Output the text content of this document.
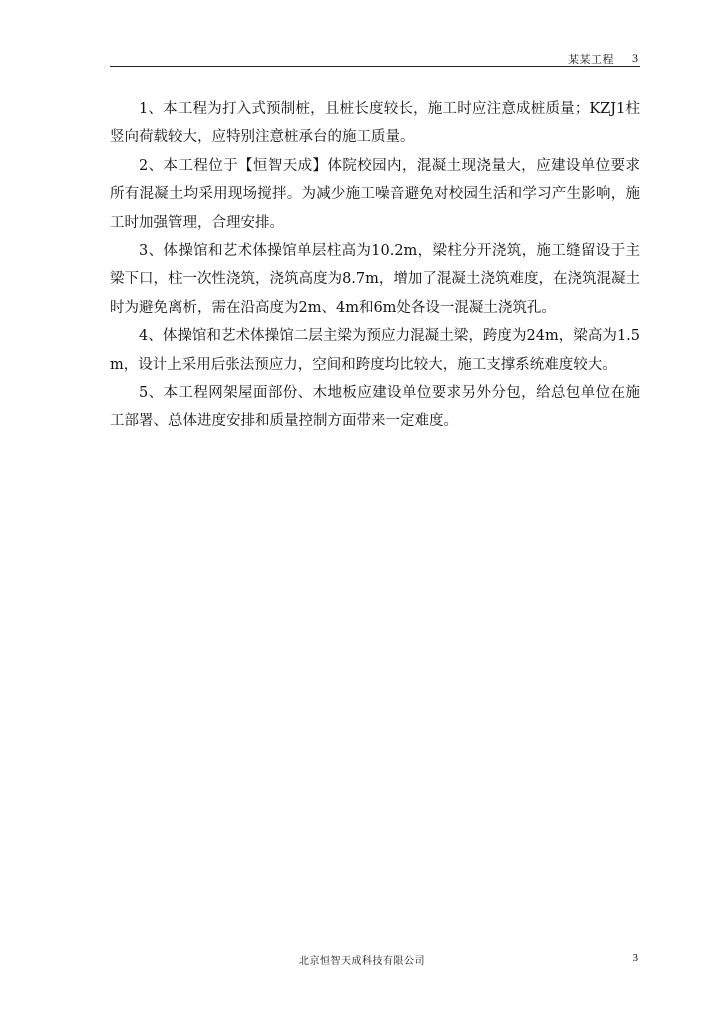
某某工程 3

1、本工程为打入式预制桩，且桩长度较长，施工时应注意成桩质量；KZJ1柱竖向荷载较大，应特别注意桩承台的施工质量。

2、本工程位于【恒智天成】体院校园内，混凝土现浇量大，应建设单位要求所有混凝土均采用现场搅拌。为减少施工噪音避免对校园生活和学习产生影响，施工时加强管理，合理安排。

3、体操馆和艺术体操馆单层柱高为10.2m，梁柱分开浇筑，施工缝留设于主梁下口，柱一次性浇筑，浇筑高度为8.7m，增加了混凝土浇筑难度，在浇筑混凝土时为避免离析，需在沿高度为2m、4m和6m处各设一混凝土浇筑孔。

4、体操馆和艺术体操馆二层主梁为预应力混凝土梁，跨度为24m，梁高为1.5m，设计上采用后张法预应力，空间和跨度均比较大，施工支撑系统难度较大。

5、本工程网架屋面部份、木地板应建设单位要求另外分包，给总包单位在施工部署、总体进度安排和质量控制方面带来一定难度。

北京恒智天成科技有限公司	3
